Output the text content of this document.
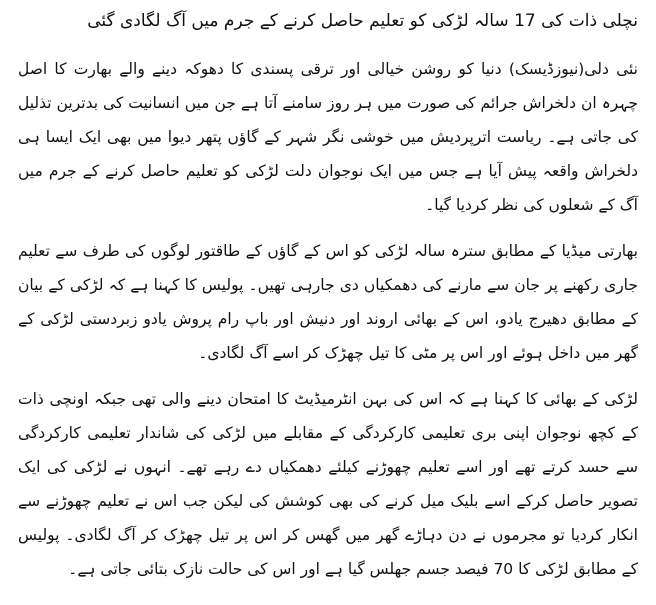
نچلی ذات کی 17 سالہ لڑکی کو تعلیم حاصل کرنے کے جرم میں آگ لگادی گئی

نئی دلی(نیوزڈیسک) دنیا کو روشن خیالی اور ترقی پسندی کا دھوکہ دینے والے بھارت کا اصل چہرہ ان دلخراش جرائم کی صورت میں ہر روز سامنے آتا ہے جن میں انسانیت کی بدترین تذلیل کی جاتی ہے۔ ریاست اترپردیش میں خوشی نگر شہر کے گاؤں پتھر دیوا میں بھی ایک ایسا ہی دلخراش واقعہ پیش آیا ہے جس میں ایک نوجوان دلت لڑکی کو تعلیم حاصل کرنے کے جرم میں آگ کے شعلوں کی نظر کردیا گیا۔

بھارتی میڈیا کے مطابق سترہ سالہ لڑکی کو اس کے گاؤں کے طاقتور لوگوں کی طرف سے تعلیم جاری رکھنے پر جان سے مارنے کی دھمکیاں دی جارہی تھیں۔ پولیس کا کہنا ہے کہ لڑکی کے بیان کے مطابق دھیرج یادو، اس کے بھائی اروند اور دنیش اور باپ رام پروش یادو زبردستی لڑکی کے گھر میں داخل ہوئے اور اس پر مٹی کا تیل چھڑک کر اسے آگ لگادی۔

لڑکی کے بھائی کا کہنا ہے کہ اس کی بہن انٹرمیڈیٹ کا امتحان دینے والی تھی جبکہ اونچی ذات کے کچھ نوجوان اپنی بری تعلیمی کارکردگی کے مقابلے میں لڑکی کی شاندار تعلیمی کارکردگی سے حسد کرتے تھے اور اسے تعلیم چھوڑنے کیلئے دھمکیاں دے رہے تھے۔ انہوں نے لڑکی کی ایک تصویر حاصل کرکے اسے بلیک میل کرنے کی بھی کوشش کی لیکن جب اس نے تعلیم چھوڑنے سے انکار کردیا تو مجرموں نے دن دہاڑے گھر میں گھس کر اس پر تیل چھڑک کر آگ لگادی۔ پولیس کے مطابق لڑکی کا 70 فیصد جسم جھلس گیا ہے اور اس کی حالت نازک بتائی جاتی ہے۔
